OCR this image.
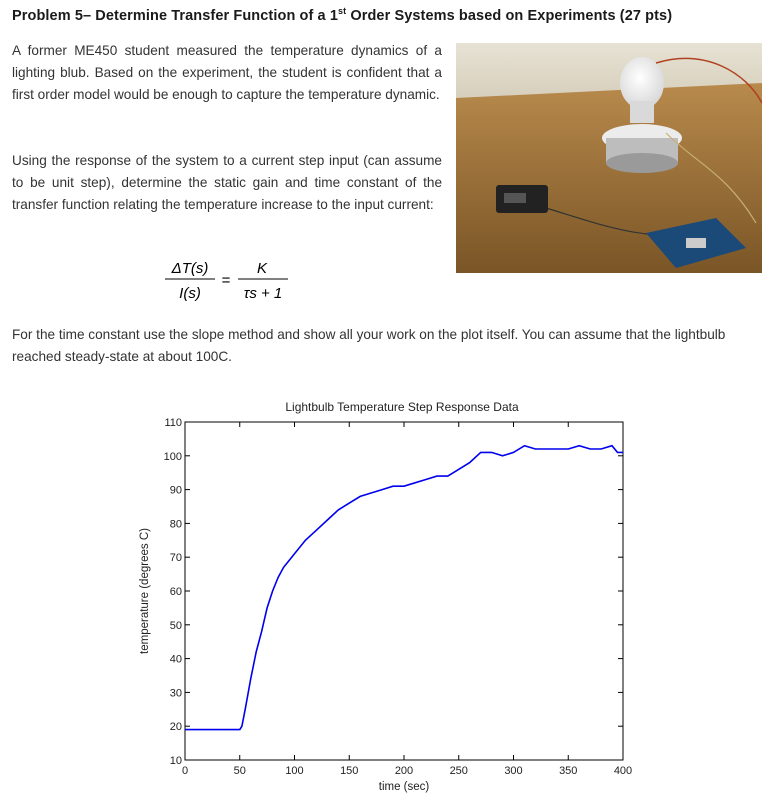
Problem 5– Determine Transfer Function of a 1st Order Systems based on Experiments (27 pts)
A former ME450 student measured the temperature dynamics of a lighting blub. Based on the experiment, the student is confident that a first order model would be enough to capture the temperature dynamic.
Using the response of the system to a current step input (can assume to be unit step), determine the static gain and time constant of the transfer function relating the temperature increase to the input current:
ΔT(s)
I(s)
=
K
τs + 1
For the time constant use the slope method and show all your work on the plot itself. You can assume that the lightbulb reached steady-state at about 100C.
Lightbulb Temperature Step Response Data
0	50	100	150	200	250	300	350	400
10
20
30
40
50
60
70
80
90
100
110
time (sec)
temperature (degrees C)
